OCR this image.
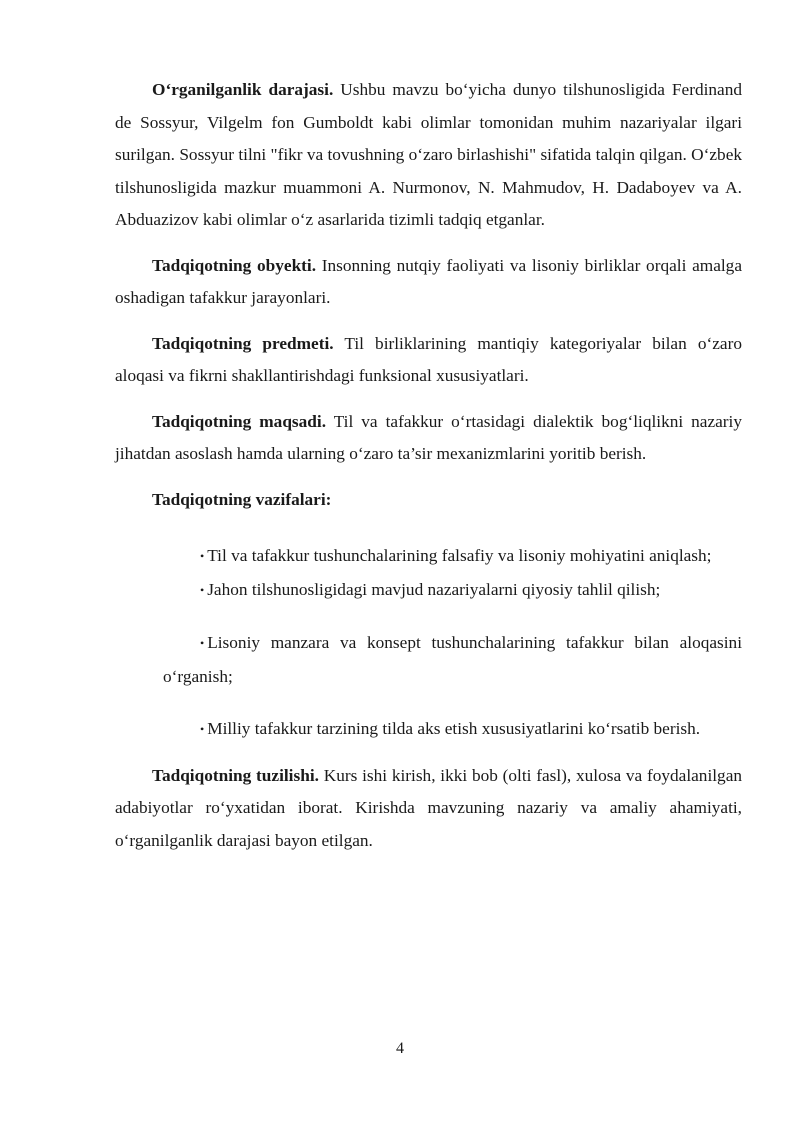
O‘rganilganlik darajasi. Ushbu mavzu bo‘yicha dunyo tilshunosligida Ferdinand de Sossyur, Vilgelm fon Gumboldt kabi olimlar tomonidan muhim nazariyalar ilgari surilgan. Sossyur tilni "fikr va tovushning o‘zaro birlashishi" sifatida talqin qilgan. O‘zbek tilshunosligida mazkur muammoni A. Nurmonov, N. Mahmudov, H. Dadaboyev va A. Abduazizov kabi olimlar o‘z asarlarida tizimli tadqiq etganlar.

Tadqiqotning obyekti. Insonning nutqiy faoliyati va lisoniy birliklar orqali amalga oshadigan tafakkur jarayonlari.

Tadqiqotning predmeti. Til birliklarining mantiqiy kategoriyalar bilan o‘zaro aloqasi va fikrni shakllantirishdagi funksional xususiyatlari.

Tadqiqotning maqsadi. Til va tafakkur o‘rtasidagi dialektik bog‘liqlikni nazariy jihatdan asoslash hamda ularning o‘zaro ta’sir mexanizmlarini yoritib berish.

Tadqiqotning vazifalari:

• Til va tafakkur tushunchalarining falsafiy va lisoniy mohiyatini aniqlash;
• Jahon tilshunosligidagi mavjud nazariyalarni qiyosiy tahlil qilish;
• Lisoniy manzara va konsept tushunchalarining tafakkur bilan aloqasini o‘rganish;
• Milliy tafakkur tarzining tilda aks etish xususiyatlarini ko‘rsatib berish.

Tadqiqotning tuzilishi. Kurs ishi kirish, ikki bob (olti fasl), xulosa va foydalanilgan adabiyotlar ro‘yxatidan iborat. Kirishda mavzuning nazariy va amaliy ahamiyati, o‘rganilganlik darajasi bayon etilgan.

4
